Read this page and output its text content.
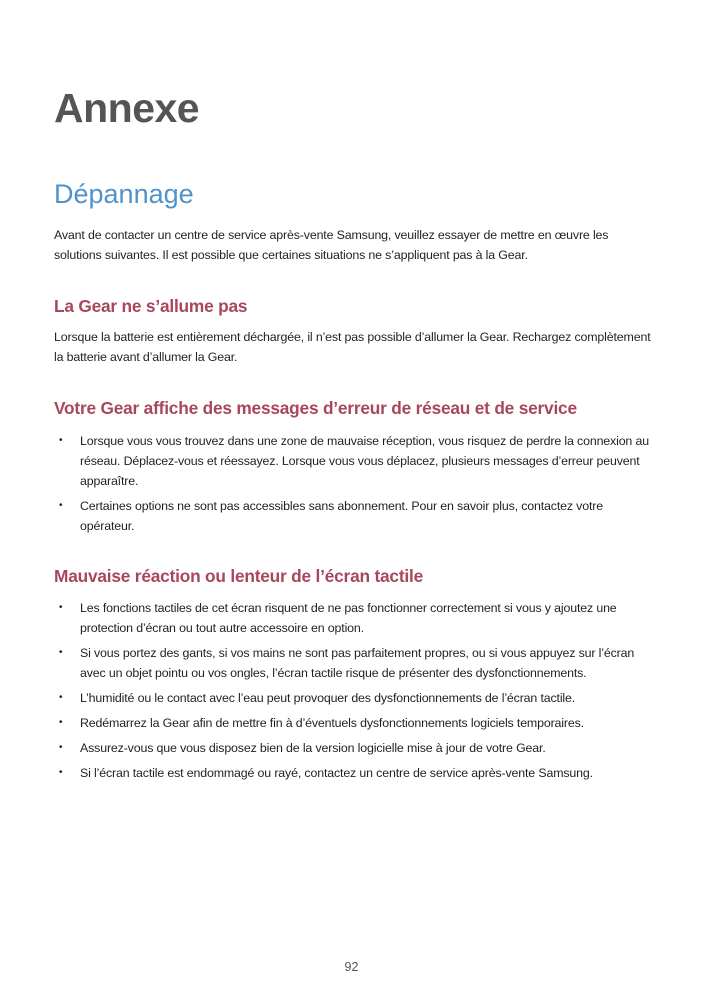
Annexe
Dépannage

Avant de contacter un centre de service après-vente Samsung, veuillez essayer de mettre en œuvre les solutions suivantes. Il est possible que certaines situations ne s’appliquent pas à la Gear.

La Gear ne s’allume pas

Lorsque la batterie est entièrement déchargée, il n’est pas possible d’allumer la Gear. Rechargez complètement la batterie avant d’allumer la Gear.

Votre Gear affiche des messages d’erreur de réseau et de service
• Lorsque vous vous trouvez dans une zone de mauvaise réception, vous risquez de perdre la connexion au réseau. Déplacez-vous et réessayez. Lorsque vous vous déplacez, plusieurs messages d’erreur peuvent apparaître.
• Certaines options ne sont pas accessibles sans abonnement. Pour en savoir plus, contactez votre opérateur.
Mauvaise réaction ou lenteur de l’écran tactile
• Les fonctions tactiles de cet écran risquent de ne pas fonctionner correctement si vous y ajoutez une protection d’écran ou tout autre accessoire en option.
• Si vous portez des gants, si vos mains ne sont pas parfaitement propres, ou si vous appuyez sur l’écran avec un objet pointu ou vos ongles, l’écran tactile risque de présenter des dysfonctionnements.
• L’humidité ou le contact avec l’eau peut provoquer des dysfonctionnements de l’écran tactile.
• Redémarrez la Gear afin de mettre fin à d’éventuels dysfonctionnements logiciels temporaires.
• Assurez-vous que vous disposez bien de la version logicielle mise à jour de votre Gear.
• Si l’écran tactile est endommagé ou rayé, contactez un centre de service après-vente Samsung.

92
